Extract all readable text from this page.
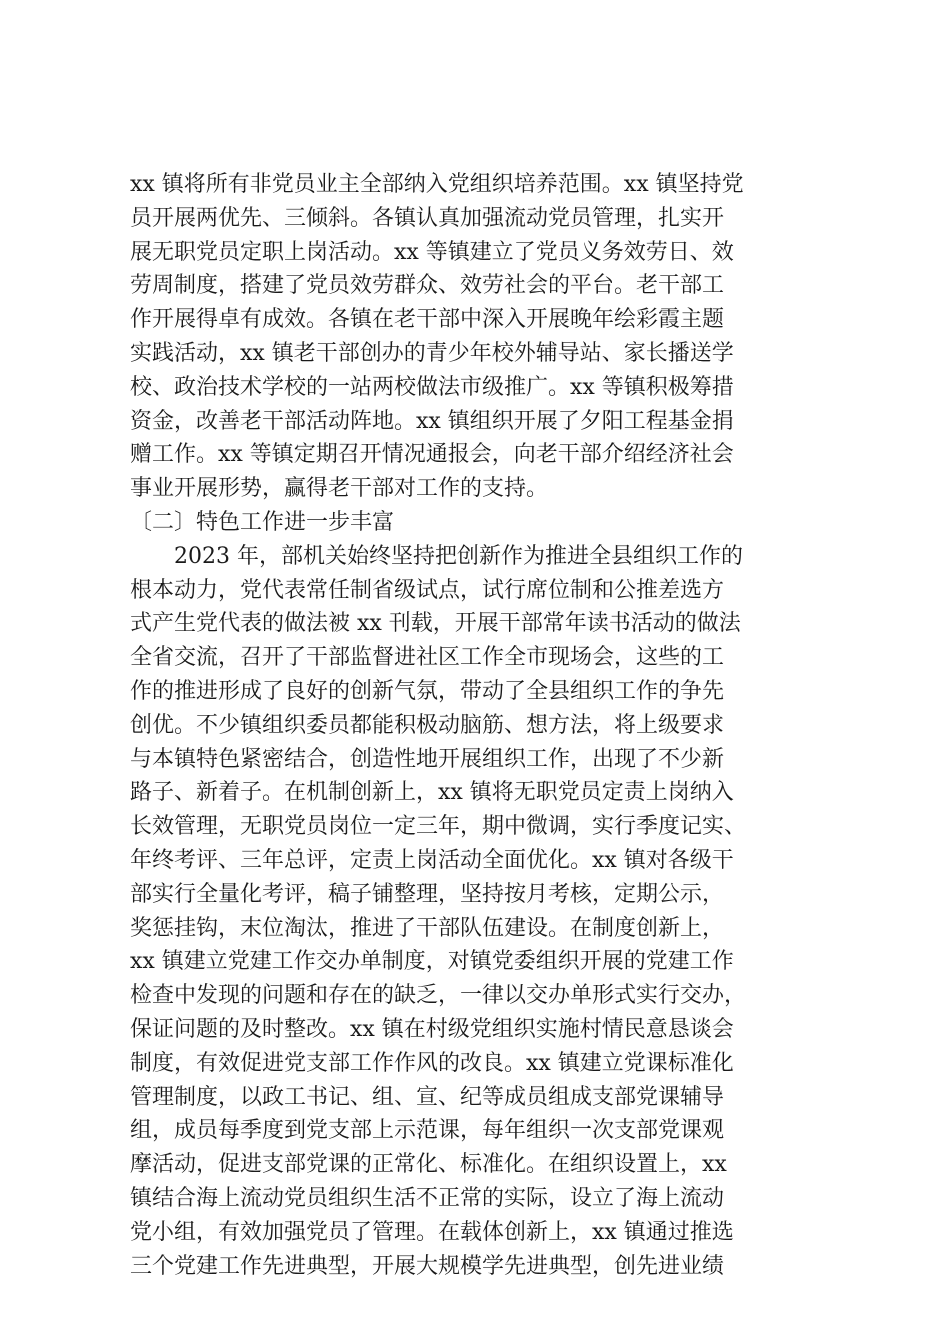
xx 镇将所有非党员业主全部纳入党组织培养范围。xx 镇坚持党
员开展两优先、三倾斜。各镇认真加强流动党员管理，扎实开
展无职党员定职上岗活动。xx 等镇建立了党员义务效劳日、效
劳周制度，搭建了党员效劳群众、效劳社会的平台。老干部工
作开展得卓有成效。各镇在老干部中深入开展晚年绘彩霞主题
实践活动，xx 镇老干部创办的青少年校外辅导站、家长播送学
校、政治技术学校的一站两校做法市级推广。xx 等镇积极筹措
资金，改善老干部活动阵地。xx 镇组织开展了夕阳工程基金捐
赠工作。xx 等镇定期召开情况通报会，向老干部介绍经济社会
事业开展形势，赢得老干部对工作的支持。

〔二〕特色工作进一步丰富

　　2023 年，部机关始终坚持把创新作为推进全县组织工作的
根本动力，党代表常任制省级试点，试行席位制和公推差选方
式产生党代表的做法被 xx 刊载，开展干部常年读书活动的做法
全省交流，召开了干部监督进社区工作全市现场会，这些的工
作的推进形成了良好的创新气氛，带动了全县组织工作的争先
创优。不少镇组织委员都能积极动脑筋、想方法，将上级要求
与本镇特色紧密结合，创造性地开展组织工作，出现了不少新
路子、新着子。在机制创新上，xx 镇将无职党员定责上岗纳入
长效管理，无职党员岗位一定三年，期中微调，实行季度记实、
年终考评、三年总评，定责上岗活动全面优化。xx 镇对各级干
部实行全量化考评，稿子铺整理，坚持按月考核，定期公示，
奖惩挂钩，末位淘汰，推进了干部队伍建设。在制度创新上，
xx 镇建立党建工作交办单制度，对镇党委组织开展的党建工作
检查中发现的问题和存在的缺乏，一律以交办单形式实行交办，
保证问题的及时整改。xx 镇在村级党组织实施村情民意恳谈会
制度，有效促进党支部工作作风的改良。xx 镇建立党课标准化
管理制度，以政工书记、组、宣、纪等成员组成支部党课辅导
组，成员每季度到党支部上示范课，每年组织一次支部党课观
摩活动，促进支部党课的正常化、标准化。在组织设置上，xx
镇结合海上流动党员组织生活不正常的实际，设立了海上流动
党小组，有效加强党员了管理。在载体创新上，xx 镇通过推选
三个党建工作先进典型，开展大规模学先进典型，创先进业绩
